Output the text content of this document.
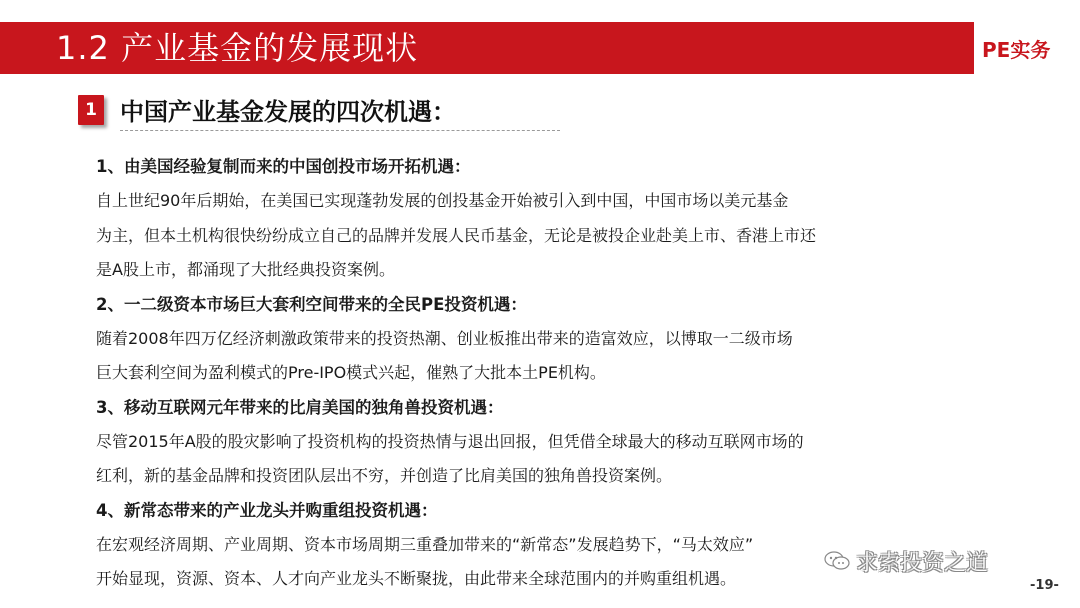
1.2 产业基金的发展现状	PE实务
1 中国产业基金发展的四次机遇：
1、由美国经验复制而来的中国创投市场开拓机遇：

自上世纪90年后期始，在美国已实现蓬勃发展的创投基金开始被引入到中国，中国市场以美元基金
为主，但本土机构很快纷纷成立自己的品牌并发展人民币基金，无论是被投企业赴美上市、香港上市还
是A股上市，都涌现了大批经典投资案例。

2、一二级资本市场巨大套利空间带来的全民PE投资机遇：

随着2008年四万亿经济刺激政策带来的投资热潮、创业板推出带来的造富效应，以博取一二级市场
巨大套利空间为盈利模式的Pre-IPO模式兴起，催熟了大批本土PE机构。

3、移动互联网元年带来的比肩美国的独角兽投资机遇：

尽管2015年A股的股灾影响了投资机构的投资热情与退出回报，但凭借全球最大的移动互联网市场的
红利，新的基金品牌和投资团队层出不穷，并创造了比肩美国的独角兽投资案例。

4、新常态带来的产业龙头并购重组投资机遇：

在宏观经济周期、产业周期、资本市场周期三重叠加带来的“新常态”发展趋势下，“马太效应”
开始显现，资源、资本、人才向产业龙头不断聚拢，由此带来全球范围内的并购重组机遇。

求索投资之道
-19-
